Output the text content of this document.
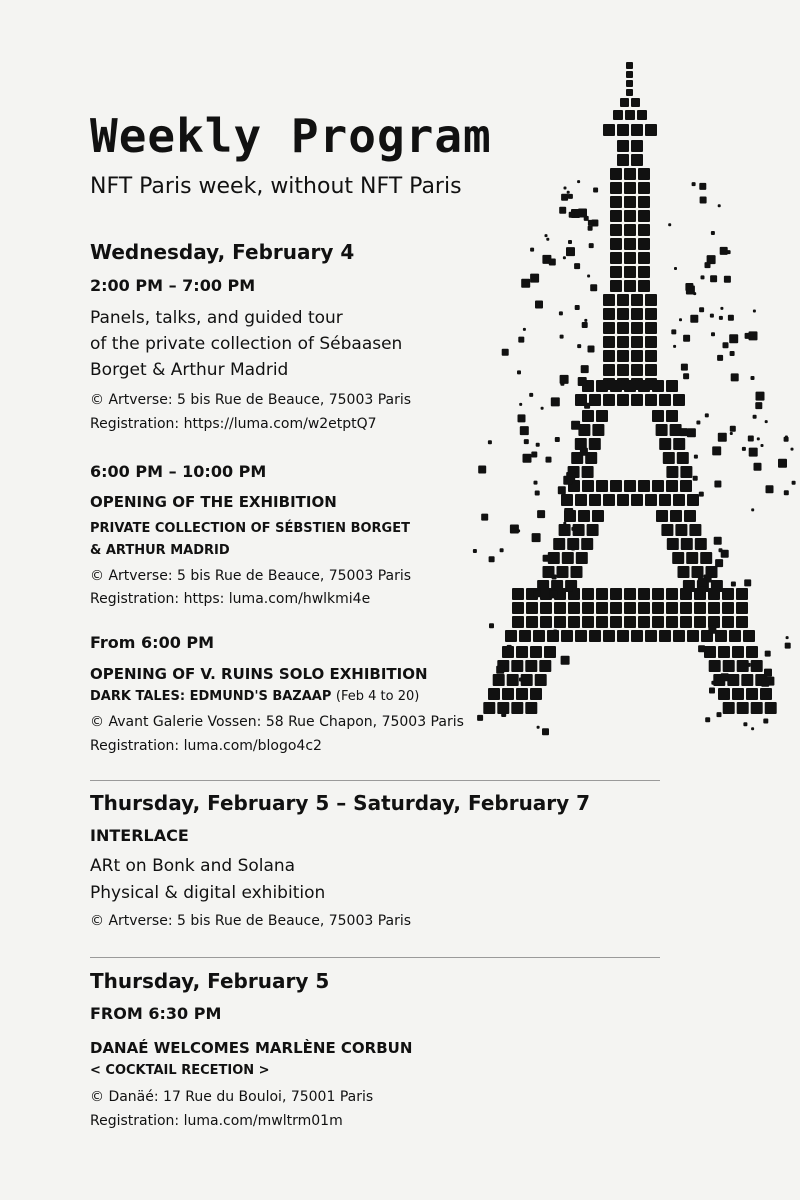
Weekly Program

NFT Paris week, without NFT Paris

Wednesday, February 4
2:00 PM – 7:00 PM
Panels, talks, and guided tour
of the private collection of Sébaasen
Borget & Arthur Madrid
© Artverse: 5 bis Rue de Beauce, 75003 Paris
Registration: https://luma.com/w2etptQ7
6:00 PM – 10:00 PM
OPENING OF THE EXHIBITION
PRIVATE COLLECTION OF SÉBSTIEN BORGET
& ARTHUR MADRID
© Artverse: 5 bis Rue de Beauce, 75003 Paris
Registration: https: luma.com/hwlkmi4e
From 6:00 PM
OPENING OF V. RUINS SOLO EXHIBITION
DARK TALES: EDMUND'S BAZAAP (Feb 4 to 20)
© Avant Galerie Vossen: 58 Rue Chapon, 75003 Paris
Registration: luma.com/blogo4c2
Thursday, February 5 – Saturday, February 7
INTERLACE
ARt on Bonk and Solana
Physical & digital exhibition
© Artverse: 5 bis Rue de Beauce, 75003 Paris
Thursday, February 5
FROM 6:30 PM
DANAÉ WELCOMES MARLÈNE CORBUN
< COCKTAIL RECETION >
© Danäé: 17 Rue du Bouloi, 75001 Paris
Registration: luma.com/mwltrm01m
